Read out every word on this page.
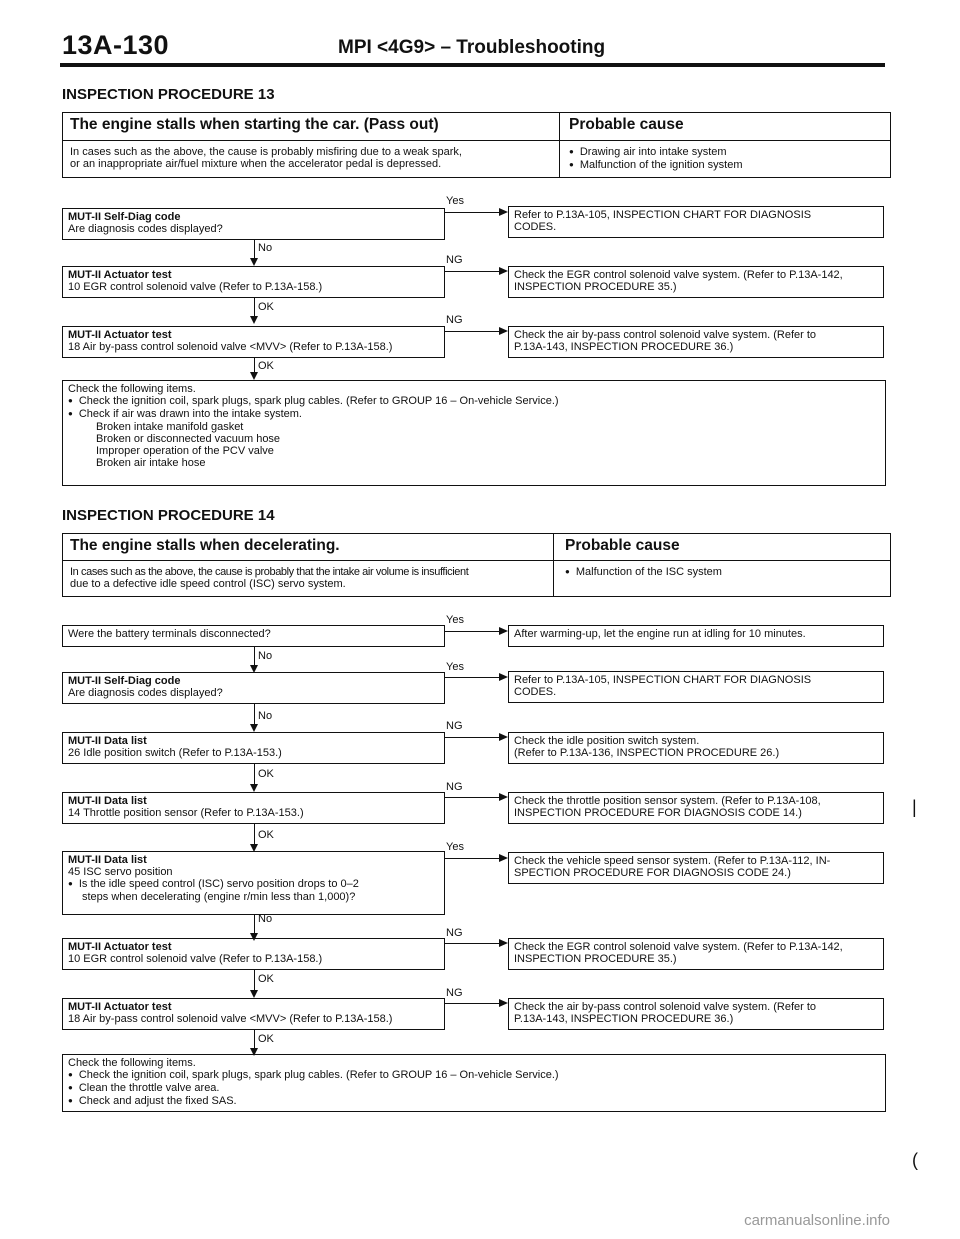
13A-130	MPI <4G9> – Troubleshooting
INSPECTION PROCEDURE 13
The engine stalls when starting the car. (Pass out)	Probable cause
In cases such as the above, the cause is probably misfiring due to a weak spark,
or an inappropriate air/fuel mixture when the accelerator pedal is depressed.
● Drawing air into intake system
● Malfunction of the ignition system
MUT-II Self-Diag code
Are diagnosis codes displayed?
Yes
Refer to P.13A-105, INSPECTION CHART FOR DIAGNOSIS
CODES.
No
MUT-II Actuator test
10 EGR control solenoid valve (Refer to P.13A-158.)
NG
Check the EGR control solenoid valve system. (Refer to P.13A-142,
INSPECTION PROCEDURE 35.)
OK
MUT-II Actuator test
18 Air by-pass control solenoid valve <MVV> (Refer to P.13A-158.)
NG
Check the air by-pass control solenoid valve system. (Refer to
P.13A-143, INSPECTION PROCEDURE 36.)
OK
Check the following items.
● Check the ignition coil, spark plugs, spark plug cables. (Refer to GROUP 16 – On-vehicle Service.)
● Check if air was drawn into the intake system.
Broken intake manifold gasket
Broken or disconnected vacuum hose
Improper operation of the PCV valve
Broken air intake hose
INSPECTION PROCEDURE 14
The engine stalls when decelerating.	Probable cause
In cases such as the above, the cause is probably that the intake air volume is insufficient
due to a defective idle speed control (ISC) servo system.
● Malfunction of the ISC system
Were the battery terminals disconnected?
Yes
After warming-up, let the engine run at idling for 10 minutes.
No
MUT-II Self-Diag code
Are diagnosis codes displayed?
Yes
Refer to P.13A-105, INSPECTION CHART FOR DIAGNOSIS
CODES.
No
MUT-II Data list
26 Idle position switch (Refer to P.13A-153.)
NG
Check the idle position switch system.
(Refer to P.13A-136, INSPECTION PROCEDURE 26.)
OK
MUT-II Data list
14 Throttle position sensor (Refer to P.13A-153.)
NG
Check the throttle position sensor system. (Refer to P.13A-108,
INSPECTION PROCEDURE FOR DIAGNOSIS CODE 14.)	|
OK
MUT-II Data list
45 ISC servo position
● Is the idle speed control (ISC) servo position drops to 0–2
steps when decelerating (engine r/min less than 1,000)?
Yes
Check the vehicle speed sensor system. (Refer to P.13A-112, IN-
SPECTION PROCEDURE FOR DIAGNOSIS CODE 24.)
No
MUT-II Actuator test
10 EGR control solenoid valve (Refer to P.13A-158.)
NG
Check the EGR control solenoid valve system. (Refer to P.13A-142,
INSPECTION PROCEDURE 35.)
OK
MUT-II Actuator test
18 Air by-pass control solenoid valve <MVV> (Refer to P.13A-158.)
NG
Check the air by-pass control solenoid valve system. (Refer to
P.13A-143, INSPECTION PROCEDURE 36.)
OK
Check the following items.
● Check the ignition coil, spark plugs, spark plug cables. (Refer to GROUP 16 – On-vehicle Service.)
● Clean the throttle valve area.
● Check and adjust the fixed SAS.
(
carmanualsonline.info
